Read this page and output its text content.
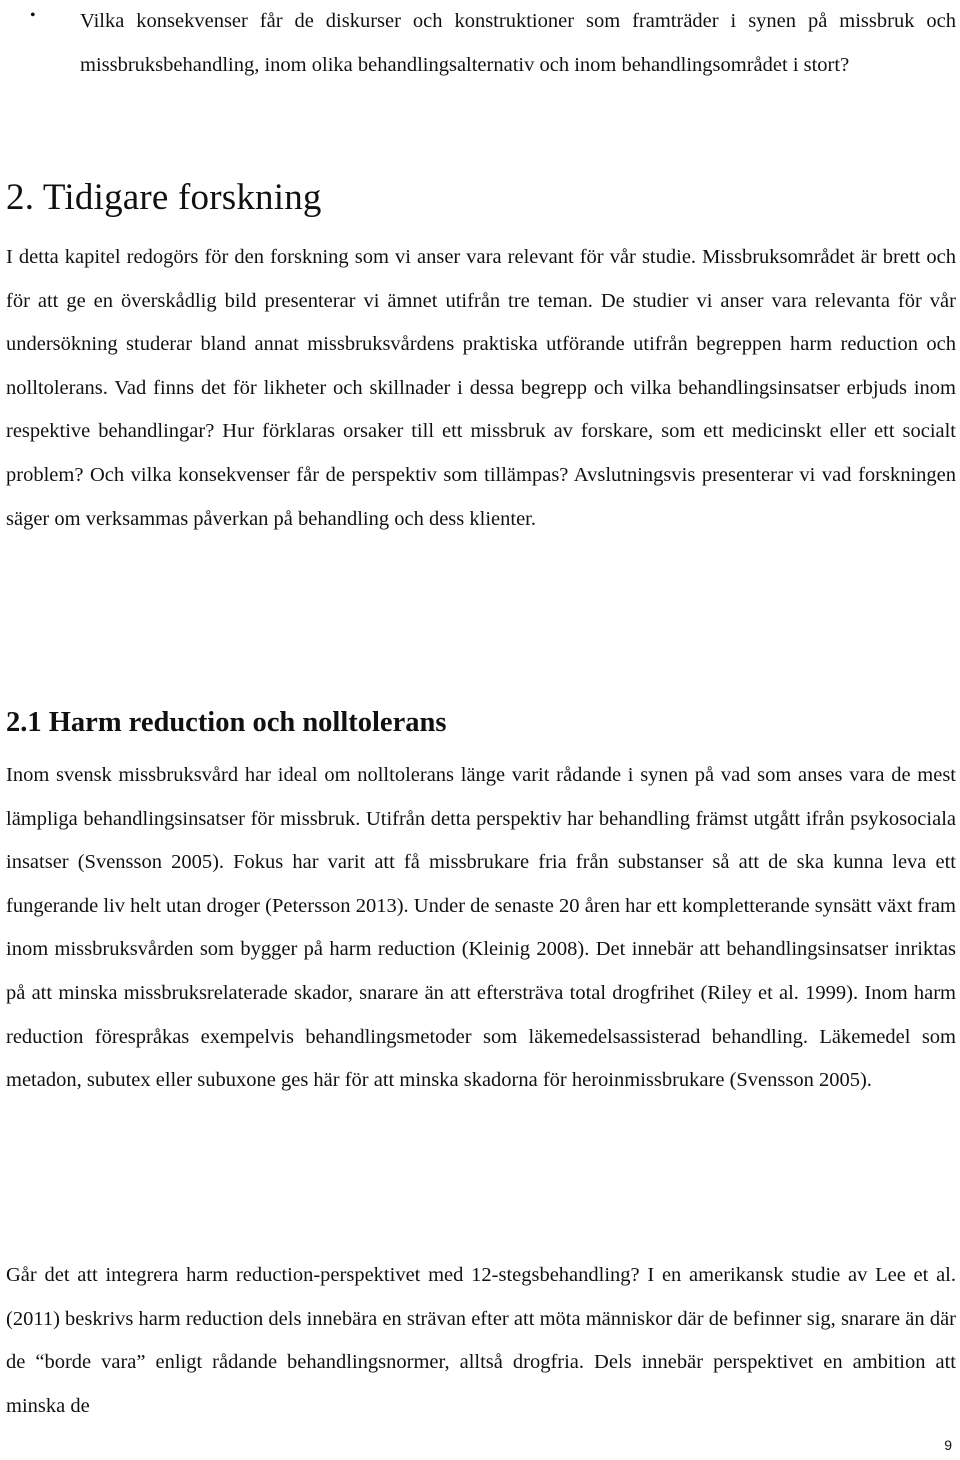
• Vilka konsekvenser får de diskurser och konstruktioner som framträder i synen på missbruk och missbruksbehandling, inom olika behandlingsalternativ och inom behandlingsområdet i stort?

2. Tidigare forskning

I detta kapitel redogörs för den forskning som vi anser vara relevant för vår studie. Missbruksområdet är brett och för att ge en överskådlig bild presenterar vi ämnet utifrån tre teman. De studier vi anser vara relevanta för vår undersökning studerar bland annat missbruksvårdens praktiska utförande utifrån begreppen harm reduction och nolltolerans. Vad finns det för likheter och skillnader i dessa begrepp och vilka behandlingsinsatser erbjuds inom respektive behandlingar? Hur förklaras orsaker till ett missbruk av forskare, som ett medicinskt eller ett socialt problem? Och vilka konsekvenser får de perspektiv som tillämpas? Avslutningsvis presenterar vi vad forskningen säger om verksammas påverkan på behandling och dess klienter.

2.1 Harm reduction och nolltolerans

Inom svensk missbruksvård har ideal om nolltolerans länge varit rådande i synen på vad som anses vara de mest lämpliga behandlingsinsatser för missbruk. Utifrån detta perspektiv har behandling främst utgått ifrån psykosociala insatser (Svensson 2005). Fokus har varit att få missbrukare fria från substanser så att de ska kunna leva ett fungerande liv helt utan droger (Petersson 2013). Under de senaste 20 åren har ett kompletterande synsätt växt fram inom missbruksvården som bygger på harm reduction (Kleinig 2008). Det innebär att behandlingsinsatser inriktas på att minska missbruksrelaterade skador, snarare än att eftersträva total drogfrihet (Riley et al. 1999). Inom harm reduction förespråkas exempelvis behandlingsmetoder som läkemedelsassisterad behandling. Läkemedel som metadon, subutex eller subuxone ges här för att minska skadorna för heroinmissbrukare (Svensson 2005).

Går det att integrera harm reduction-perspektivet med 12-stegsbehandling? I en amerikansk studie av Lee et al. (2011) beskrivs harm reduction dels innebära en strävan efter att möta människor där de befinner sig, snarare än där de “borde vara” enligt rådande behandlingsnormer, alltså drogfria. Dels innebär perspektivet en ambition att minska de

9
